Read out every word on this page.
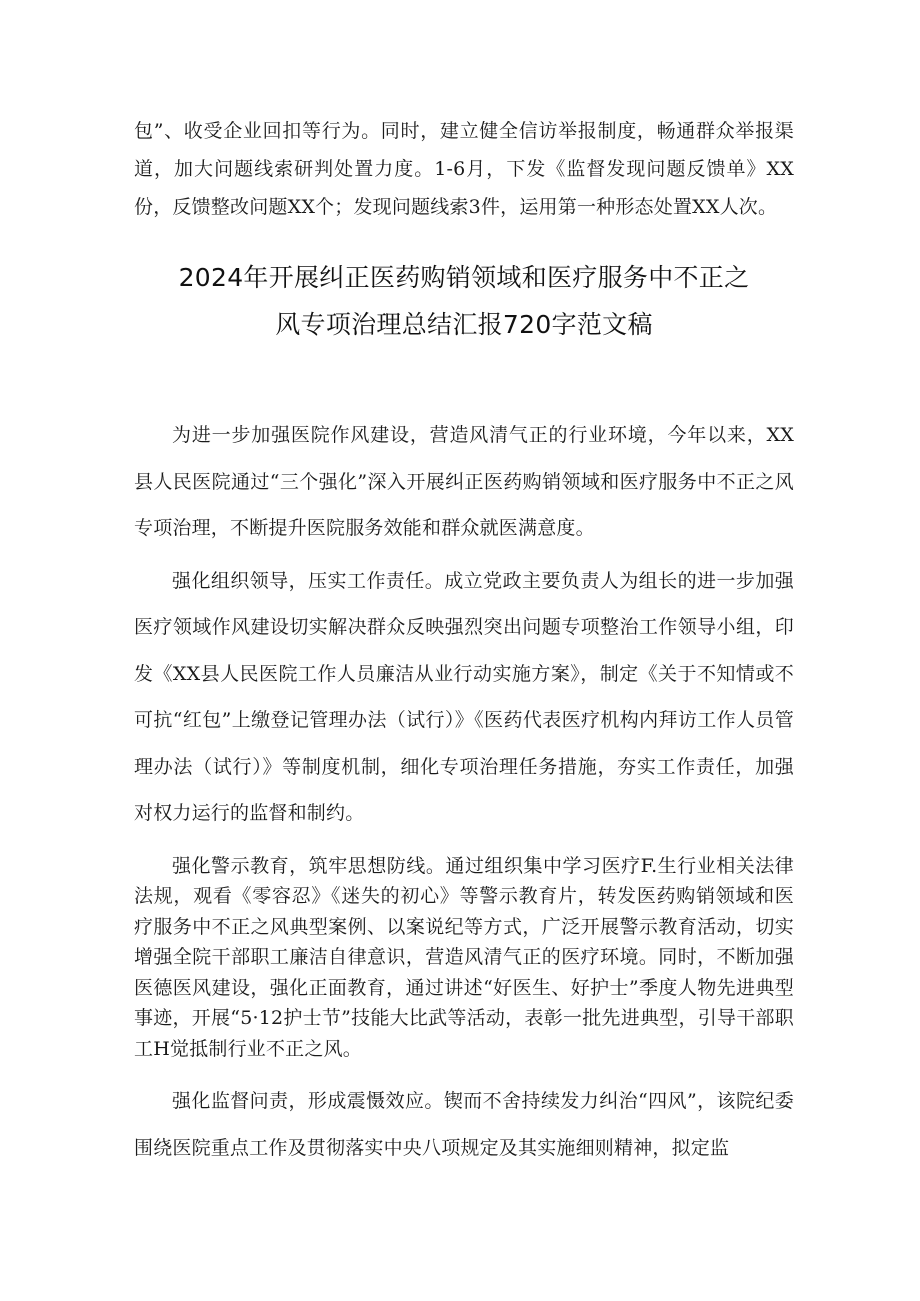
包”、收受企业回扣等行为。同时，建立健全信访举报制度，畅通群众举报渠道，加大问题线索研判处置力度。1-6月，下发《监督发现问题反馈单》XX份，反馈整改问题XX个；发现问题线索3件，运用第一种形态处置XX人次。

2024年开展纠正医药购销领域和医疗服务中不正之

风专项治理总结汇报720字范文稿

为进一步加强医院作风建设，营造风清气正的行业环境，今年以来，XX县人民医院通过“三个强化”深入开展纠正医药购销领域和医疗服务中不正之风专项治理，不断提升医院服务效能和群众就医满意度。

强化组织领导，压实工作责任。成立党政主要负责人为组长的进一步加强医疗领域作风建设切实解决群众反映强烈突出问题专项整治工作领导小组，印发《XX县人民医院工作人员廉洁从业行动实施方案》，制定《关于不知情或不可抗“红包”上缴登记管理办法（试行）》《医药代表医疗机构内拜访工作人员管理办法（试行）》等制度机制，细化专项治理任务措施，夯实工作责任，加强对权力运行的监督和制约。

强化警示教育，筑牢思想防线。通过组织集中学习医疗F.生行业相关法律法规，观看《零容忍》《迷失的初心》等警示教育片，转发医药购销领域和医疗服务中不正之风典型案例、以案说纪等方式，广泛开展警示教育活动，切实增强全院干部职工廉洁自律意识，营造风清气正的医疗环境。同时，不断加强医德医风建设，强化正面教育，通过讲述“好医生、好护士”季度人物先进典型事迹，开展“5·12护士节”技能大比武等活动，表彰一批先进典型，引导干部职工H觉抵制行业不正之风。

强化监督问责，形成震慑效应。锲而不舍持续发力纠治“四风”，该院纪委围绕医院重点工作及贯彻落实中央八项规定及其实施细则精神，拟定监
